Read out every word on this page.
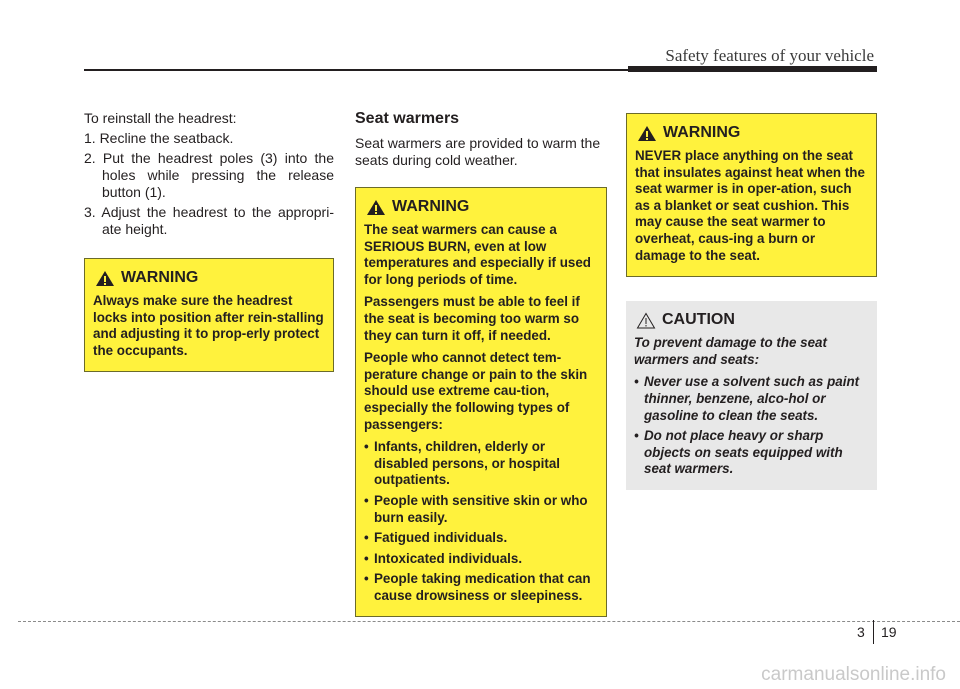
Safety features of your vehicle

To reinstall the headrest:

1. Recline the seatback.
2. Put the headrest poles (3) into the holes while pressing the release button (1).
3. Adjust the headrest to the appropri-ate height.
WARNING

Always make sure the headrest locks into position after rein-stalling and adjusting it to prop-erly protect the occupants.

Seat warmers

Seat warmers are provided to warm the seats during cold weather.

WARNING

The seat warmers can cause a SERIOUS BURN, even at low temperatures and especially if used for long periods of time.

Passengers must be able to feel if the seat is becoming too warm so they can turn it off, if needed.

People who cannot detect tem-perature change or pain to the skin should use extreme cau-tion, especially the following types of passengers:

• Infants, children, elderly or disabled persons, or hospital outpatients.
• People with sensitive skin or who burn easily.
• Fatigued individuals.
• Intoxicated individuals.
• People taking medication that can cause drowsiness or sleepiness.
WARNING

NEVER place anything on the seat that insulates against heat when the seat warmer is in oper-ation, such as a blanket or seat cushion. This may cause the seat warmer to overheat, caus-ing a burn or damage to the seat.

CAUTION

To prevent damage to the seat warmers and seats:

• Never use a solvent such as paint thinner, benzene, alco-hol or gasoline to clean the seats.
• Do not place heavy or sharp objects on seats equipped with seat warmers.
3 19
carmanualsonline.info
